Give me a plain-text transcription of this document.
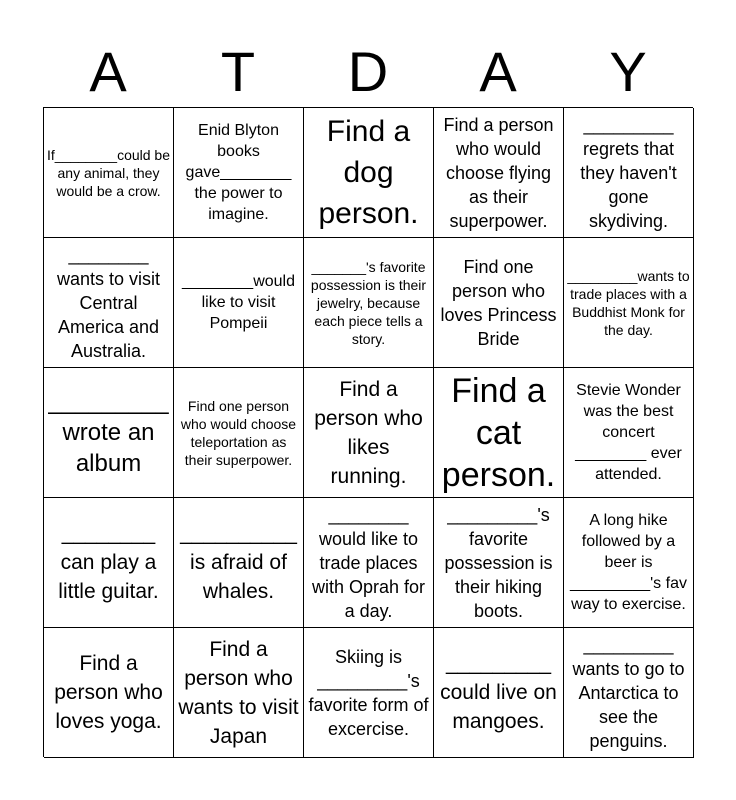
A	T	D	A	Y
If________could be any animal, they would be a crow.
Enid Blyton books gave________ the power to imagine.
Find a dog person.
Find a person who would choose flying as their superpower.
_________ regrets that they haven't gone skydiving.
________ wants to visit Central America and Australia.
________would like to visit Pompeii
_______'s favorite possession is their jewelry, because each piece tells a story.
Find one person who loves Princess Bride
_________wants to trade places with a Buddhist Monk for the day.
_________ wrote an album
Find one person who would choose teleportation as their superpower.
Find a person who likes running.
Find a cat person.
Stevie Wonder was the best concert ________ ever attended.
________ can play a little guitar.
__________ is afraid of whales.
________ would like to trade places with Oprah for a day.
_________'s favorite possession is their hiking boots.
A long hike followed by a beer is _________'s fav way to exercise.
Find a person who loves yoga.
Find a person who wants to visit Japan
Skiing is _________'s favorite form of excercise.
_________ could live on mangoes.
_________ wants to go to Antarctica to see the penguins.
